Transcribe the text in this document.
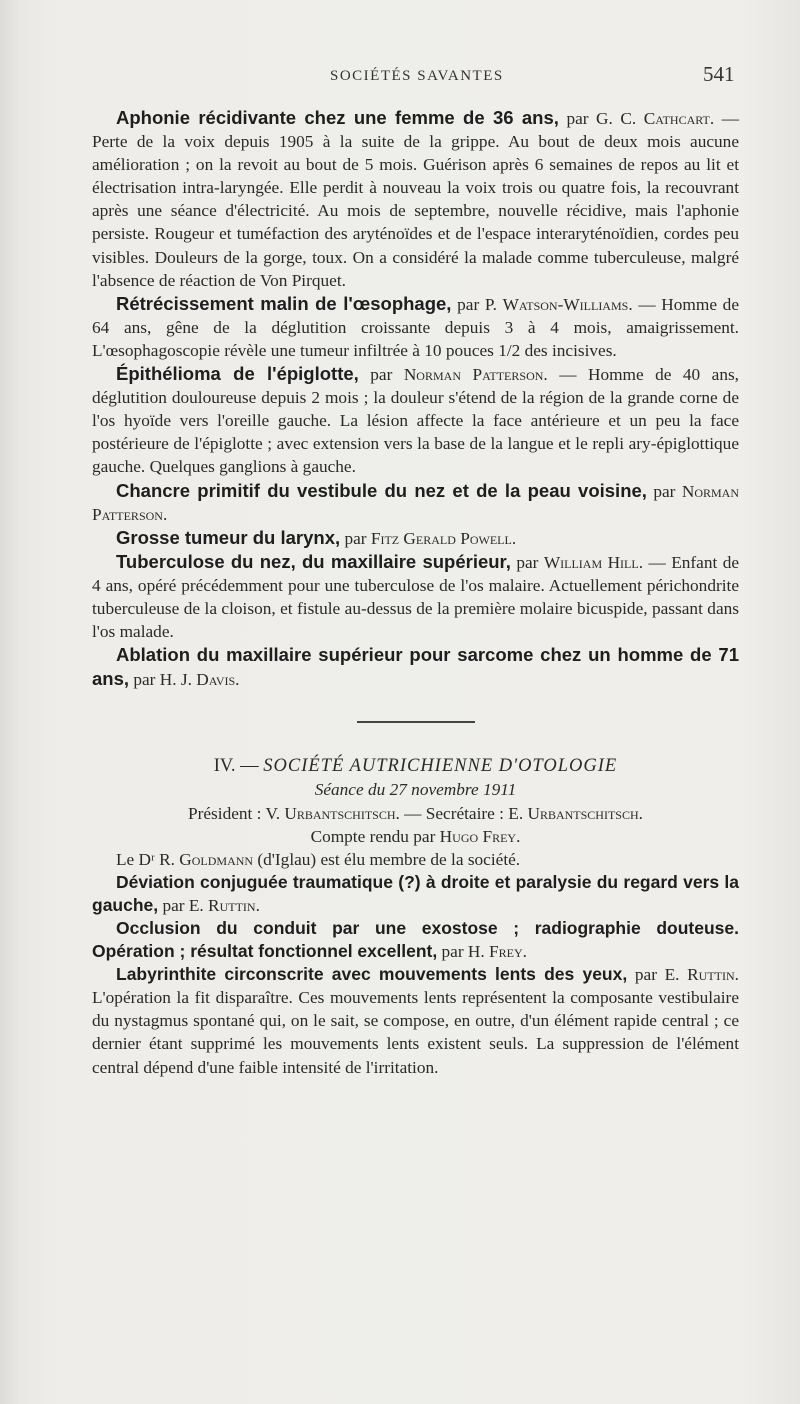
SOCIÉTÉS SAVANTES	541

Aphonie récidivante chez une femme de 36 ans, par G. C. Cathcart. — Perte de la voix depuis 1905 à la suite de la grippe. Au bout de deux mois aucune amélioration ; on la revoit au bout de 5 mois. Guérison après 6 semaines de repos au lit et électrisation intra-laryngée. Elle perdit à nouveau la voix trois ou quatre fois, la recouvrant après une séance d'électricité. Au mois de septembre, nouvelle récidive, mais l'aphonie persiste. Rougeur et tuméfaction des aryténoïdes et de l'espace interaryténoïdien, cordes peu visibles. Douleurs de la gorge, toux. On a considéré la malade comme tuberculeuse, malgré l'absence de réaction de Von Pirquet.

Rétrécissement malin de l'œsophage, par P. Watson-Williams. — Homme de 64 ans, gêne de la déglutition croissante depuis 3 à 4 mois, amaigrissement. L'œsophagoscopie révèle une tumeur infiltrée à 10 pouces 1/2 des incisives.

Épithélioma de l'épiglotte, par Norman Patterson. — Homme de 40 ans, déglutition douloureuse depuis 2 mois ; la douleur s'étend de la région de la grande corne de l'os hyoïde vers l'oreille gauche. La lésion affecte la face antérieure et un peu la face postérieure de l'épiglotte ; avec extension vers la base de la langue et le repli ary-épiglottique gauche. Quelques ganglions à gauche.

Chancre primitif du vestibule du nez et de la peau voisine, par Norman Patterson.

Grosse tumeur du larynx, par Fitz Gerald Powell.

Tuberculose du nez, du maxillaire supérieur, par William Hill. — Enfant de 4 ans, opéré précédemment pour une tuberculose de l'os malaire. Actuellement périchondrite tuberculeuse de la cloison, et fistule au-dessus de la première molaire bicuspide, passant dans l'os malade.

Ablation du maxillaire supérieur pour sarcome chez un homme de 71 ans, par H. J. Davis.

IV. — SOCIÉTÉ AUTRICHIENNE D'OTOLOGIE

Séance du 27 novembre 1911

Président : V. Urbantschitsch. — Secrétaire : E. Urbantschitsch.

Compte rendu par Hugo Frey.

Le Dʳ R. Goldmann (d'Iglau) est élu membre de la société.

Déviation conjuguée traumatique (?) à droite et paralysie du regard vers la gauche, par E. Ruttin.

Occlusion du conduit par une exostose ; radiographie douteuse. Opération ; résultat fonctionnel excellent, par H. Frey.

Labyrinthite circonscrite avec mouvements lents des yeux, par E. Ruttin. L'opération la fit disparaître. Ces mouvements lents représentent la composante vestibulaire du nystagmus spontané qui, on le sait, se compose, en outre, d'un élément rapide central ; ce dernier étant supprimé les mouvements lents existent seuls. La suppression de l'élément central dépend d'une faible intensité de l'irritation.
